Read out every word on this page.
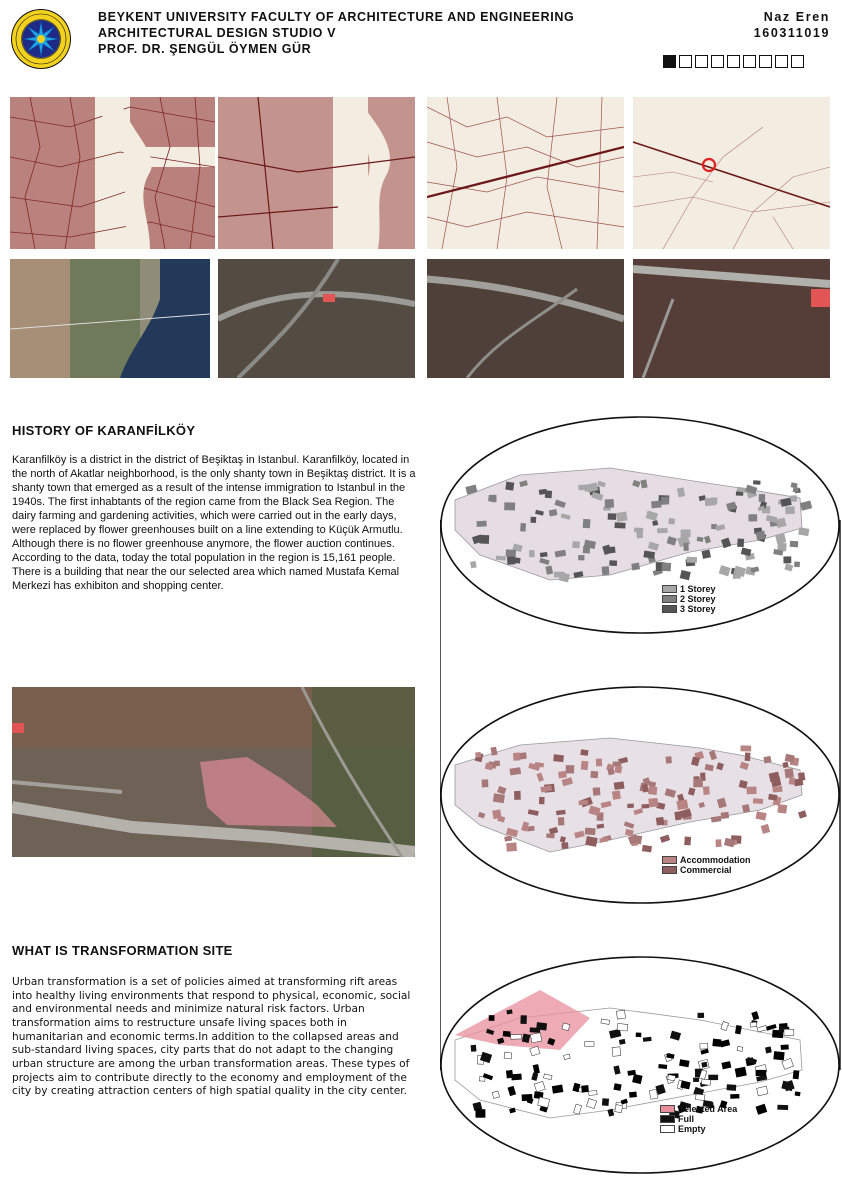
BEYKENT UNIVERSITY FACULTY OF ARCHITECTURE AND ENGINEERING
ARCHITECTURAL DESIGN STUDIO V
PROF. DR. ŞENGÜL ÖYMEN GÜR
Naz Eren
160311019
HISTORY OF KARANFİLKÖY

Karanfilköy is a district in the district of Beşiktaş in Istanbul. Karanfilköy, located in the north of Akatlar neighborhood, is the only shanty town in Beşiktaş district. It is a shanty town that emerged as a result of the intense immigration to Istanbul in the 1940s. The first inhabtants of the region came from the Black Sea Region. The dairy farming and gardening activities, which were carried out in the early days, were replaced by flower greenhouses built on a line extending to Küçük Armutlu. Although there is no flower greenhouse anymore, the flower auction continues. According to the data, today the total population in the region is 15,161 people. There is a building that near the our selected area which named Mustafa Kemal Merkezi has exhibiton and shopping center.

WHAT IS TRANSFORMATION SITE

Urban transformation is a set of policies aimed at transforming rift areas into healthy living environments that respond to physical, economic, social and environmental needs and minimize natural risk factors. Urban transformation aims to restructure unsafe living spaces both in humanitarian and economic terms.In addition to the collapsed areas and sub-standard living spaces, city parts that do not adapt to the changing urban structure are among the urban transformation areas. These types of projects aim to contribute directly to the economy and employment of the city by creating attraction centers of high spatial quality in the city center.

1 Storey
2 Storey
3 Storey
Accommodation
Commercial
Selected Area
Full
Empty
